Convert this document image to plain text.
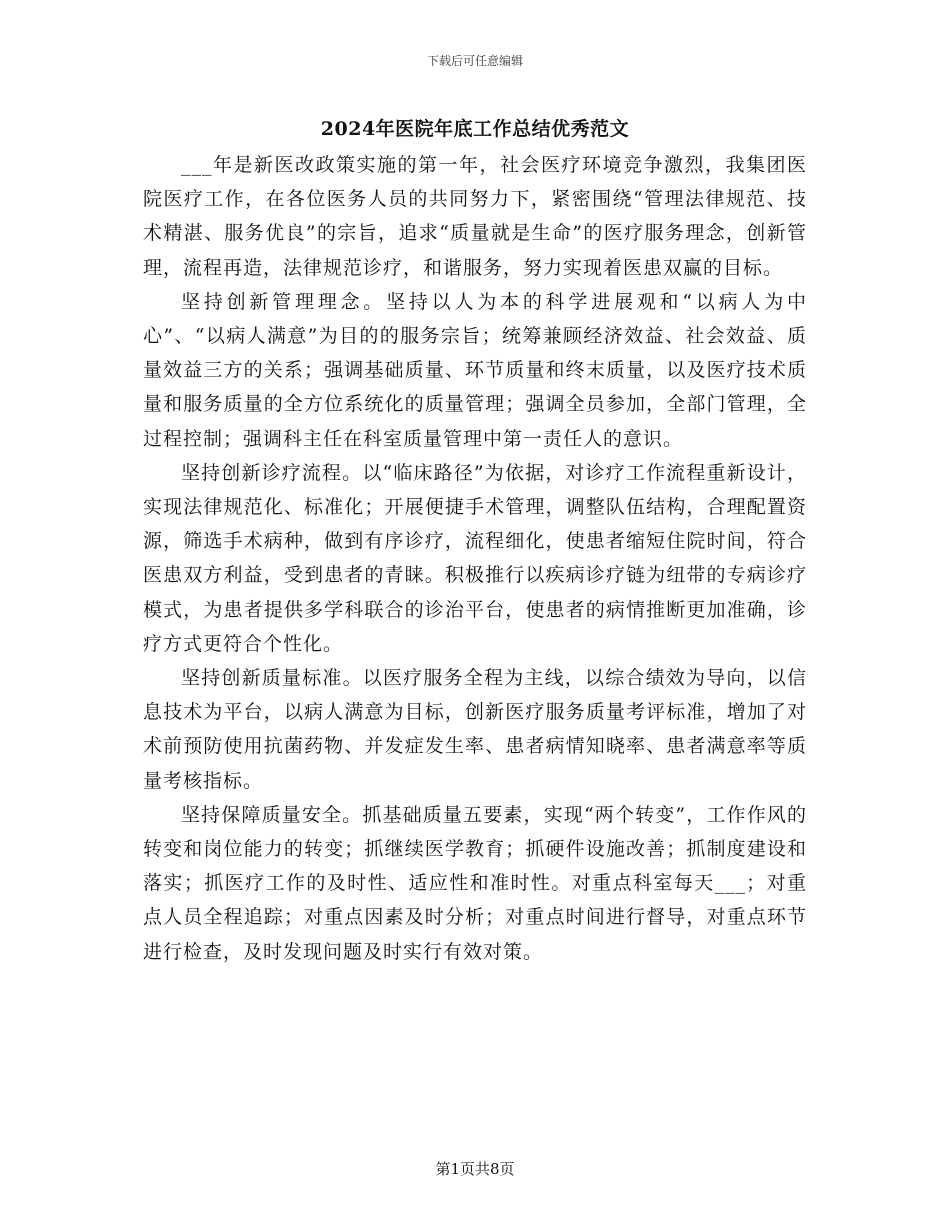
下载后可任意编辑
2024年医院年底工作总结优秀范文

___年是新医改政策实施的第一年，社会医疗环境竞争激烈，我集团医院医疗工作，在各位医务人员的共同努力下，紧密围绕“管理法律规范、技术精湛、服务优良”的宗旨，追求“质量就是生命”的医疗服务理念，创新管理，流程再造，法律规范诊疗，和谐服务，努力实现着医患双赢的目标。

坚持创新管理理念。坚持以人为本的科学进展观和“以病人为中心”、“以病人满意”为目的的服务宗旨；统筹兼顾经济效益、社会效益、质量效益三方的关系；强调基础质量、环节质量和终末质量，以及医疗技术质量和服务质量的全方位系统化的质量管理；强调全员参加，全部门管理，全过程控制；强调科主任在科室质量管理中第一责任人的意识。

坚持创新诊疗流程。以“临床路径”为依据，对诊疗工作流程重新设计，实现法律规范化、标准化；开展便捷手术管理，调整队伍结构，合理配置资源，筛选手术病种，做到有序诊疗，流程细化，使患者缩短住院时间，符合医患双方利益，受到患者的青睐。积极推行以疾病诊疗链为纽带的专病诊疗模式，为患者提供多学科联合的诊治平台，使患者的病情推断更加准确，诊疗方式更符合个性化。

坚持创新质量标准。以医疗服务全程为主线，以综合绩效为导向，以信息技术为平台，以病人满意为目标，创新医疗服务质量考评标准，增加了对术前预防使用抗菌药物、并发症发生率、患者病情知晓率、患者满意率等质量考核指标。

坚持保障质量安全。抓基础质量五要素，实现“两个转变”，工作作风的转变和岗位能力的转变；抓继续医学教育；抓硬件设施改善；抓制度建设和落实；抓医疗工作的及时性、适应性和准时性。对重点科室每天___；对重点人员全程追踪；对重点因素及时分析；对重点时间进行督导，对重点环节进行检查，及时发现问题及时实行有效对策。

第1页共8页
